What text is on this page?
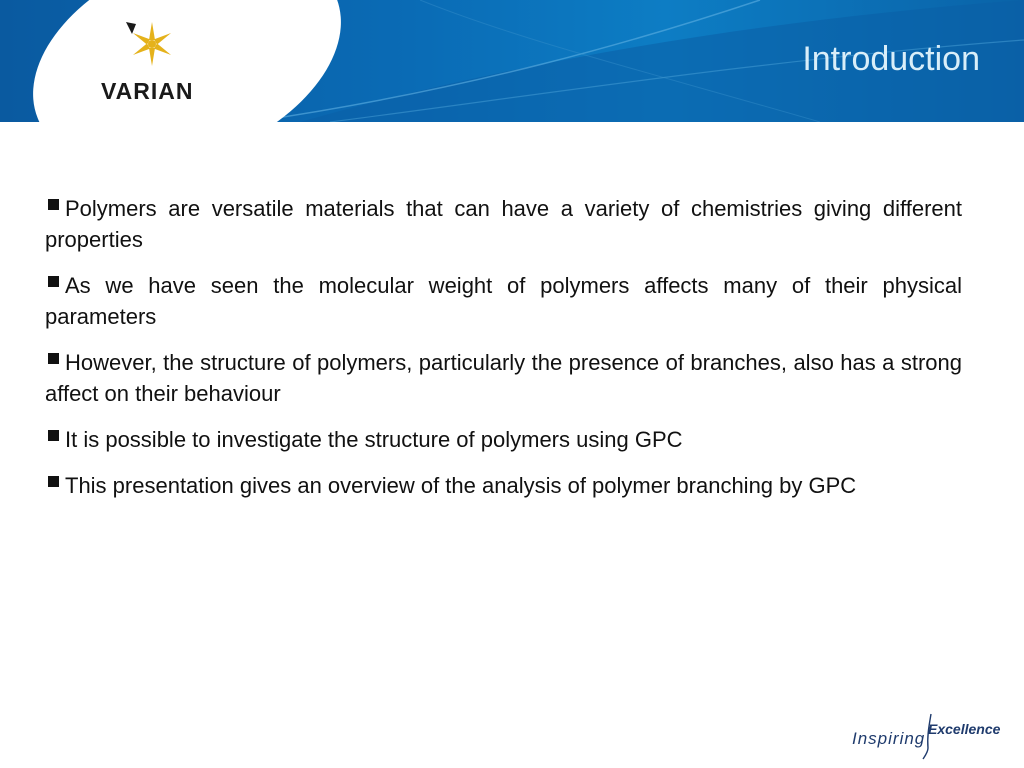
VARIAN
Introduction

Polymers are versatile materials that can have a variety of chemistries giving different properties

As we have seen the molecular weight of polymers affects many of their physical parameters

However, the structure of polymers, particularly the presence of branches, also has a strong affect on their behaviour

It is possible to investigate the structure of polymers using GPC

This presentation gives an overview of the analysis of polymer branching by GPC

Inspiring Excellence
